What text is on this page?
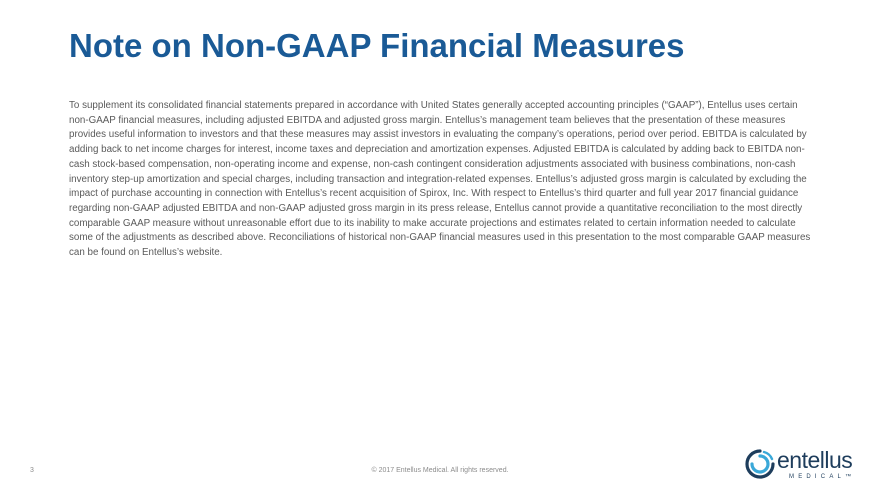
Note on Non-GAAP Financial Measures

To supplement its consolidated financial statements prepared in accordance with United States generally accepted accounting principles (“GAAP”), Entellus uses certain non-GAAP financial measures, including adjusted EBITDA and adjusted gross margin. Entellus’s management team believes that the presentation of these measures provides useful information to investors and that these measures may assist investors in evaluating the company’s operations, period over period. EBITDA is calculated by adding back to net income charges for interest, income taxes and depreciation and amortization expenses. Adjusted EBITDA is calculated by adding back to EBITDA non-cash stock-based compensation, non-operating income and expense, non-cash contingent consideration adjustments associated with business combinations, non-cash inventory step-up amortization and special charges, including transaction and integration-related expenses. Entellus’s adjusted gross margin is calculated by excluding the impact of purchase accounting in connection with Entellus’s recent acquisition of Spirox, Inc. With respect to Entellus’s third quarter and full year 2017 financial guidance regarding non-GAAP adjusted EBITDA and non-GAAP adjusted gross margin in its press release, Entellus cannot provide a quantitative reconciliation to the most directly comparable GAAP measure without unreasonable effort due to its inability to make accurate projections and estimates related to certain information needed to calculate some of the adjustments as described above. Reconciliations of historical non-GAAP financial measures used in this presentation to the most comparable GAAP measures can be found on Entellus’s website.

3	© 2017 Entellus Medical. All rights reserved.	entellus
MEDICAL™
